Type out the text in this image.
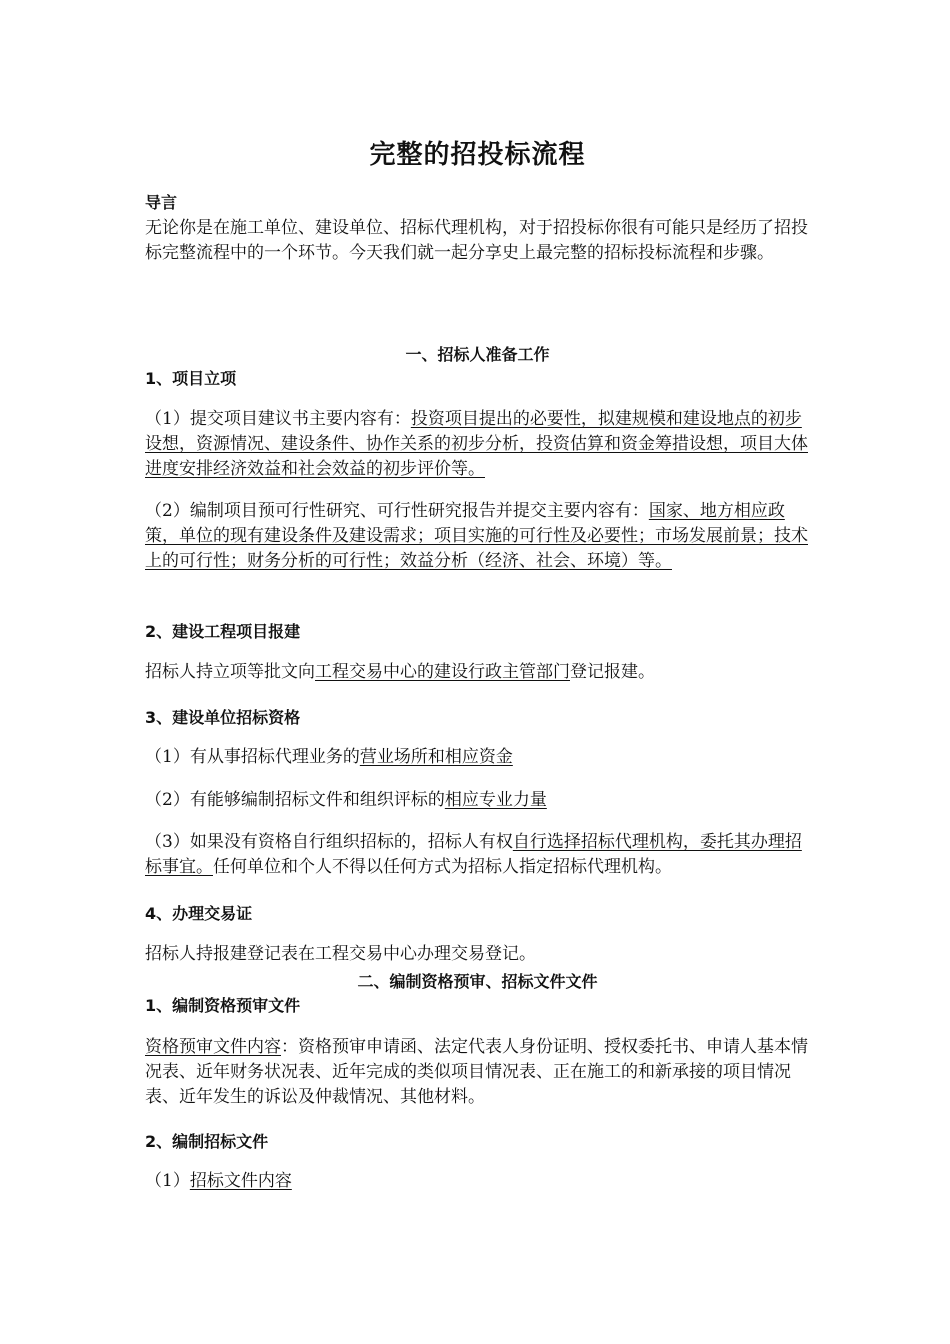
完整的招投标流程
导言
无论你是在施工单位、建设单位、招标代理机构，对于招投标你很有可能只是经历了招投标完整流程中的一个环节。今天我们就一起分享史上最完整的招标投标流程和步骤。
一、招标人准备工作
1、项目立项
（1）提交项目建议书主要内容有：投资项目提出的必要性，拟建规模和建设地点的初步设想，资源情况、建设条件、协作关系的初步分析，投资估算和资金筹措设想，项目大体进度安排经济效益和社会效益的初步评价等。
（2）编制项目预可行性研究、可行性研究报告并提交主要内容有：国家、地方相应政策，单位的现有建设条件及建设需求；项目实施的可行性及必要性；市场发展前景；技术上的可行性；财务分析的可行性；效益分析（经济、社会、环境）等。
2、建设工程项目报建
招标人持立项等批文向工程交易中心的建设行政主管部门登记报建。
3、建设单位招标资格
（1）有从事招标代理业务的营业场所和相应资金
（2）有能够编制招标文件和组织评标的相应专业力量
（3）如果没有资格自行组织招标的，招标人有权自行选择招标代理机构，委托其办理招标事宜。任何单位和个人不得以任何方式为招标人指定招标代理机构。
4、办理交易证
招标人持报建登记表在工程交易中心办理交易登记。
二、编制资格预审、招标文件文件
1、编制资格预审文件
资格预审文件内容：资格预审申请函、法定代表人身份证明、授权委托书、申请人基本情况表、近年财务状况表、近年完成的类似项目情况表、正在施工的和新承接的项目情况表、近年发生的诉讼及仲裁情况、其他材料。
2、编制招标文件
（1）招标文件内容
